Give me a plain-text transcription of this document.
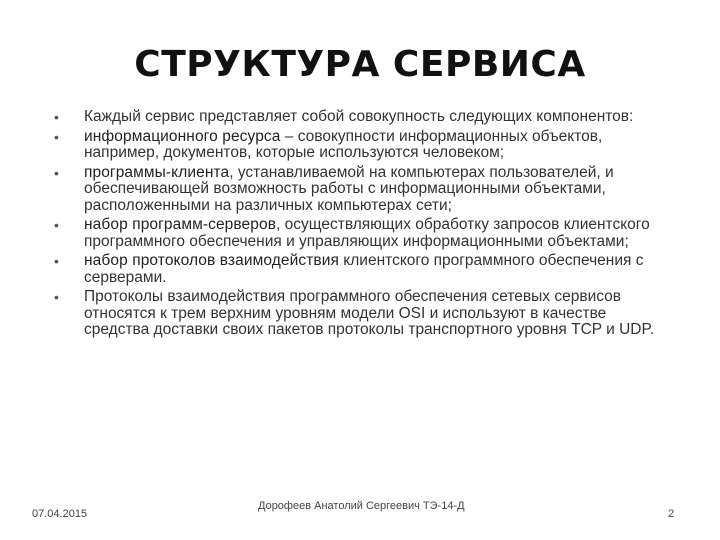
СТРУКТУРА СЕРВИСА
•	Каждый сервис представляет собой совокупность следующих компонентов:
•	информационного ресурса – совокупности информационных объектов, например, документов, которые используются человеком;
•	программы-клиента, устанавливаемой на компьютерах пользователей, и обеспечивающей возможность работы с информационными объектами, расположенными на различных компьютерах сети;
•	набор программ-серверов, осуществляющих обработку запросов клиентского программного обеспечения и управляющих информационными объектами;
•	набор протоколов взаимодействия клиентского программного обеспечения с серверами.
•	Протоколы взаимодействия программного обеспечения сетевых сервисов относятся к трем верхним уровням модели OSI и используют в качестве средства доставки своих пакетов протоколы транспортного уровня TCP и UDP.
07.04.2015
Дорофеев Анатолий Сергеевич ТЭ-14-Д
2
